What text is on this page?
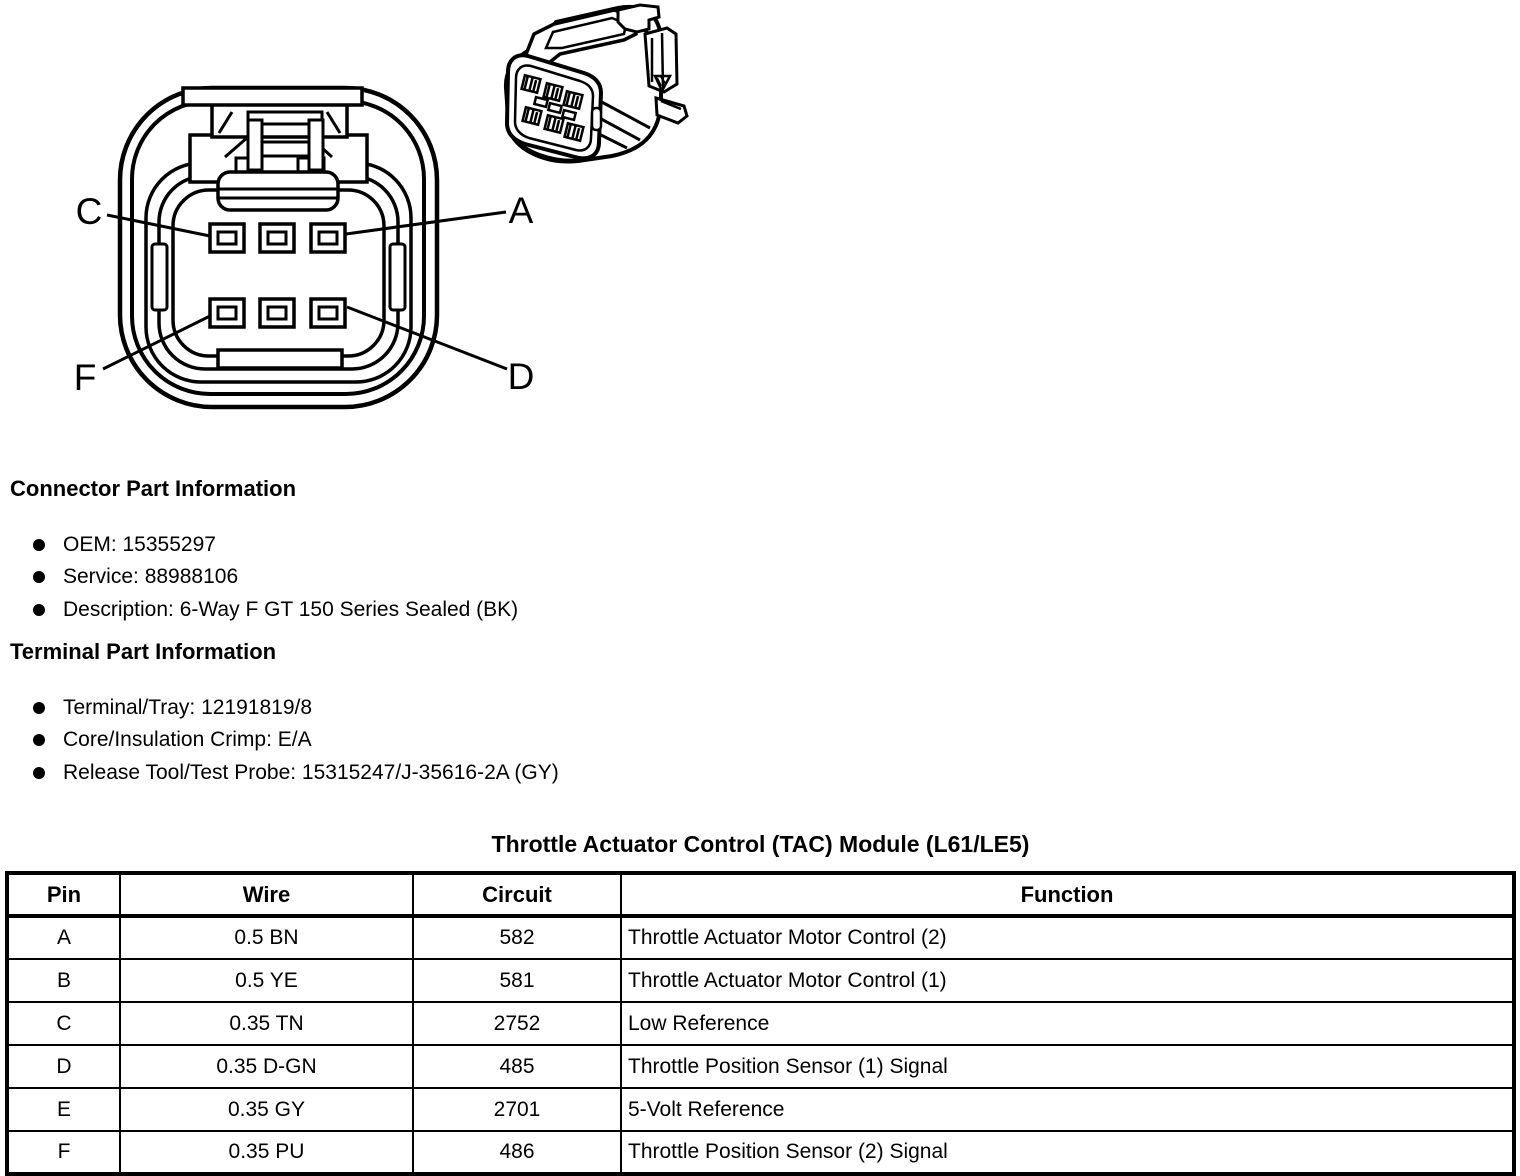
C	A
F	D
Connector Part Information
OEM: 15355297
Service: 88988106
Description: 6-Way F GT 150 Series Sealed (BK)
Terminal Part Information
Terminal/Tray: 12191819/8
Core/Insulation Crimp: E/A
Release Tool/Test Probe: 15315247/J-35616-2A (GY)
Throttle Actuator Control (TAC) Module (L61/LE5)
Pin	Wire	Circuit	Function
A	0.5 BN	582	Throttle Actuator Motor Control (2)
B	0.5 YE	581	Throttle Actuator Motor Control (1)
C	0.35 TN	2752	Low Reference
D	0.35 D-GN	485	Throttle Position Sensor (1) Signal
E	0.35 GY	2701	5-Volt Reference
F	0.35 PU	486	Throttle Position Sensor (2) Signal
